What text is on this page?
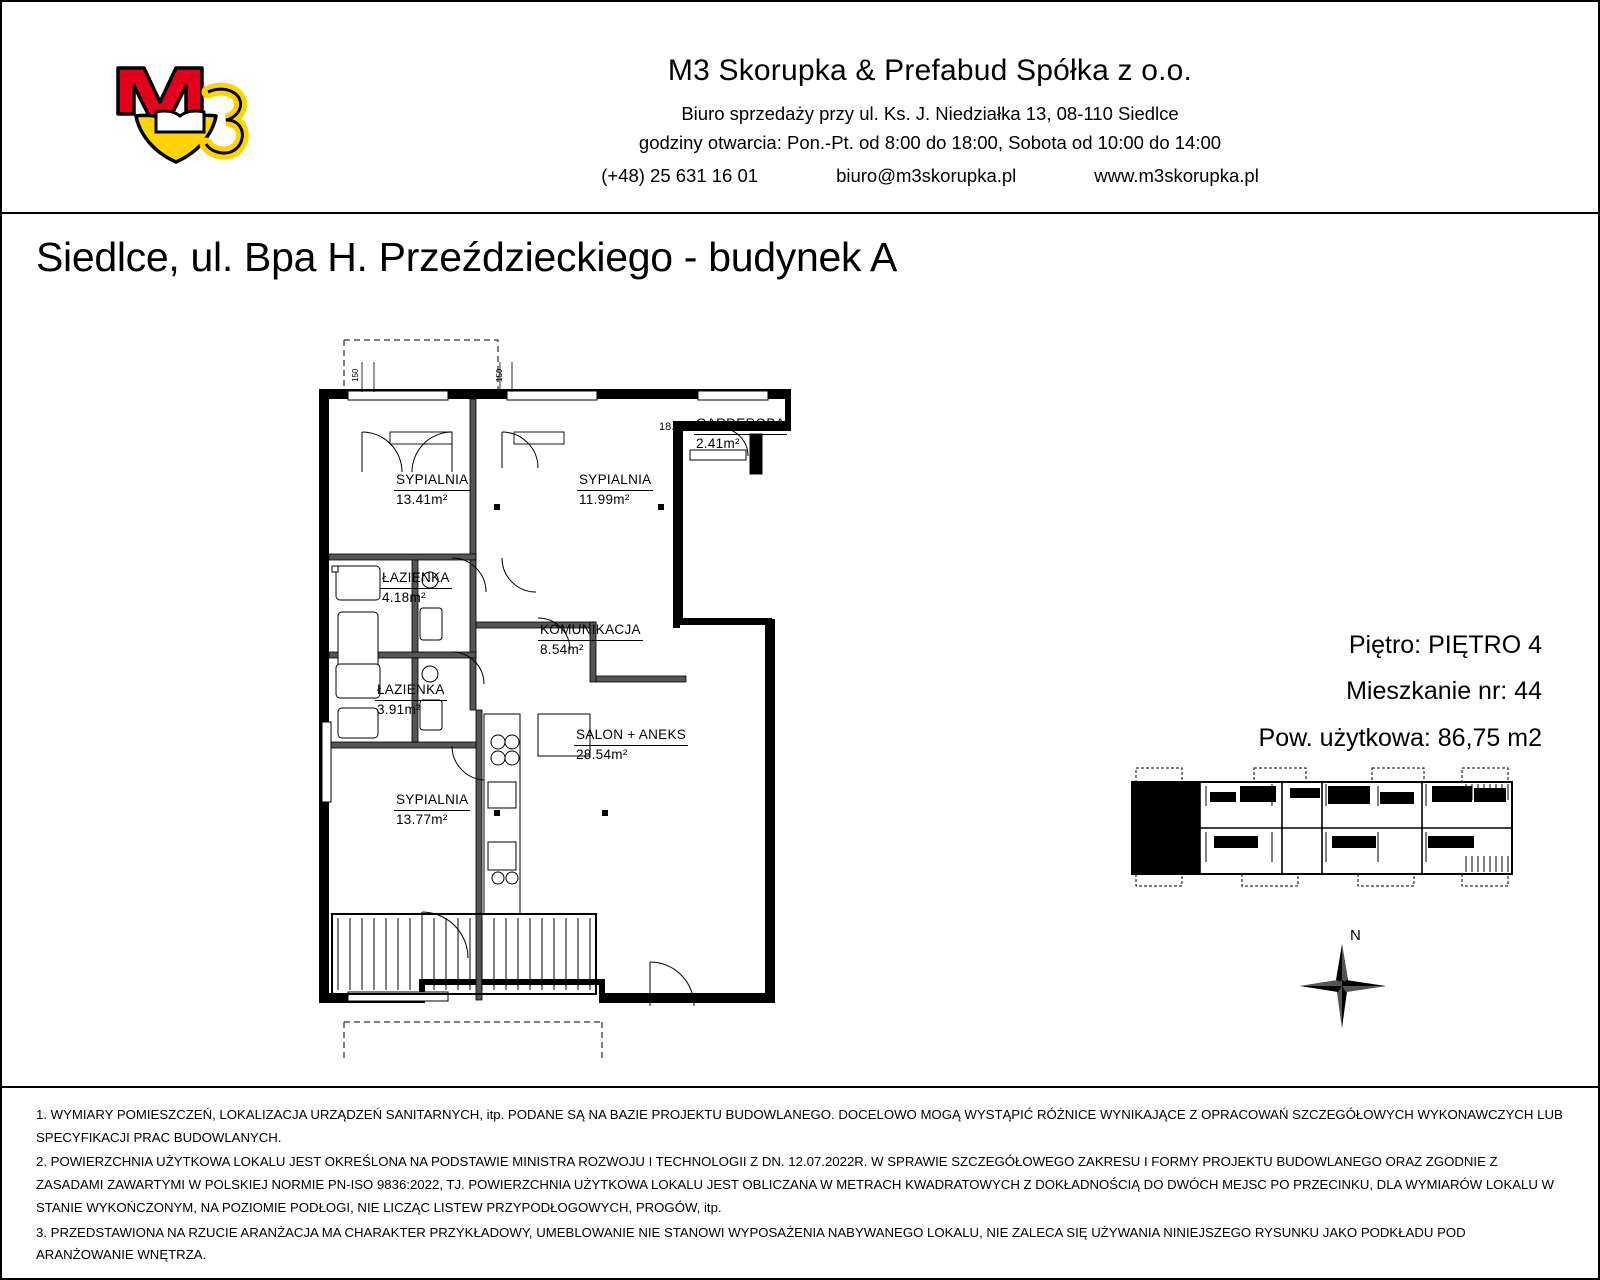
M3 Skorupka & Prefabud Spółka z o.o.
Biuro sprzedaży przy ul. Ks. J. Niedziałka 13, 08-110 Siedlce
godziny otwarcia: Pon.-Pt. od 8:00 do 18:00, Sobota od 10:00 do 14:00
(+48) 25 631 16 01	biuro@m3skorupka.pl	www.m3skorupka.pl
Siedlce, ul. Bpa H. Przeździeckiego - budynek A
Piętro: PIĘTRO 4
Mieszkanie nr: 44
Pow. użytkowa: 86,75 m2
N
150	150
SYPIALNIA
13.41m²
SYPIALNIA
11.99m²
GARDEROBA
2.41m²
ŁAZIENKA
4.18m²
ŁAZIENKA
3.91m²
KOMUNIKACJA
8.54m²
SALON + ANEKS
28.54m²
SYPIALNIA
13.77m²
18.

1. WYMIARY POMIESZCZEŃ, LOKALIZACJA URZĄDZEŃ SANITARNYCH, itp. PODANE SĄ NA BAZIE PROJEKTU BUDOWLANEGO. DOCELOWO MOGĄ WYSTĄPIĆ RÓŻNICE WYNIKAJĄCE Z OPRACOWAŃ SZCZEGÓŁOWYCH WYKONAWCZYCH LUB SPECYFIKACJI PRAC BUDOWLANYCH.

2. POWIERZCHNIA UŻYTKOWA LOKALU JEST OKREŚLONA NA PODSTAWIE MINISTRA ROZWOJU I TECHNOLOGII Z DN. 12.07.2022R. W SPRAWIE SZCZEGÓŁOWEGO ZAKRESU I FORMY PROJEKTU BUDOWLANEGO ORAZ ZGODNIE Z ZASADAMI ZAWARTYMI W POLSKIEJ NORMIE PN-ISO 9836:2022, TJ. POWIERZCHNIA UŻYTKOWA LOKALU JEST OBLICZANA W METRACH KWADRATOWYCH Z DOKŁADNOŚCIĄ DO DWÓCH MEJSC PO PRZECINKU, DLA WYMIARÓW LOKALU W STANIE WYKOŃCZONYM, NA POZIOMIE PODŁOGI, NIE LICZĄC LISTEW PRZYPODŁOGOWYCH, PROGÓW, itp.

3. PRZEDSTAWIONA NA RZUCIE ARANŻACJA MA CHARAKTER PRZYKŁADOWY, UMEBLOWANIE NIE STANOWI WYPOSAŻENIA NABYWANEGO LOKALU, NIE ZALECA SIĘ UŻYWANIA NINIEJSZEGO RYSUNKU JAKO PODKŁADU POD ARANŻOWANIE WNĘTRZA.
